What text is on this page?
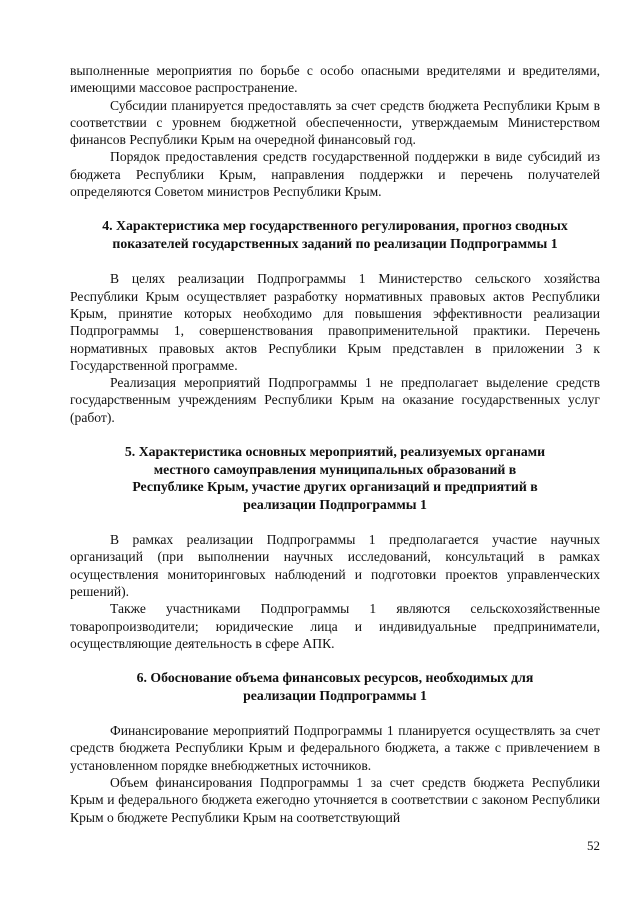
выполненные мероприятия по борьбе с особо опасными вредителями и вредителями, имеющими массовое распространение.

Субсидии планируется предоставлять за счет средств бюджета Республики Крым в соответствии с уровнем бюджетной обеспеченности, утверждаемым Министерством финансов Республики Крым на очередной финансовый год.

Порядок предоставления средств государственной поддержки в виде субсидий из бюджета Республики Крым, направления поддержки и перечень получателей определяются Советом министров Республики Крым.

4. Характеристика мер государственного регулирования, прогноз сводных
показателей государственных заданий по реализации Подпрограммы 1

В целях реализации Подпрограммы 1 Министерство сельского хозяйства Республики Крым осуществляет разработку нормативных правовых актов Республики Крым, принятие которых необходимо для повышения эффективности реализации Подпрограммы 1, совершенствования правоприменительной практики. Перечень нормативных правовых актов Республики Крым представлен в приложении 3 к Государственной программе.

Реализация мероприятий Подпрограммы 1 не предполагает выделение средств государственным учреждениям Республики Крым на оказание государственных услуг (работ).

5. Характеристика основных мероприятий, реализуемых органами
местного самоуправления муниципальных образований в
Республике Крым, участие других организаций и предприятий в
реализации Подпрограммы 1

В рамках реализации Подпрограммы 1 предполагается участие научных организаций (при выполнении научных исследований, консультаций в рамках осуществления мониторинговых наблюдений и подготовки проектов управленческих решений).

Также участниками Подпрограммы 1 являются сельскохозяйственные товаропроизводители; юридические лица и индивидуальные предприниматели, осуществляющие деятельность в сфере АПК.

6. Обоснование объема финансовых ресурсов, необходимых для
реализации Подпрограммы 1

Финансирование мероприятий Подпрограммы 1 планируется осуществлять за счет средств бюджета Республики Крым и федерального бюджета, а также с привлечением в установленном порядке внебюджетных источников.

Объем финансирования Подпрограммы 1 за счет средств бюджета Республики Крым и федерального бюджета ежегодно уточняется в соответствии с законом Республики Крым о бюджете Республики Крым на соответствующий

52
